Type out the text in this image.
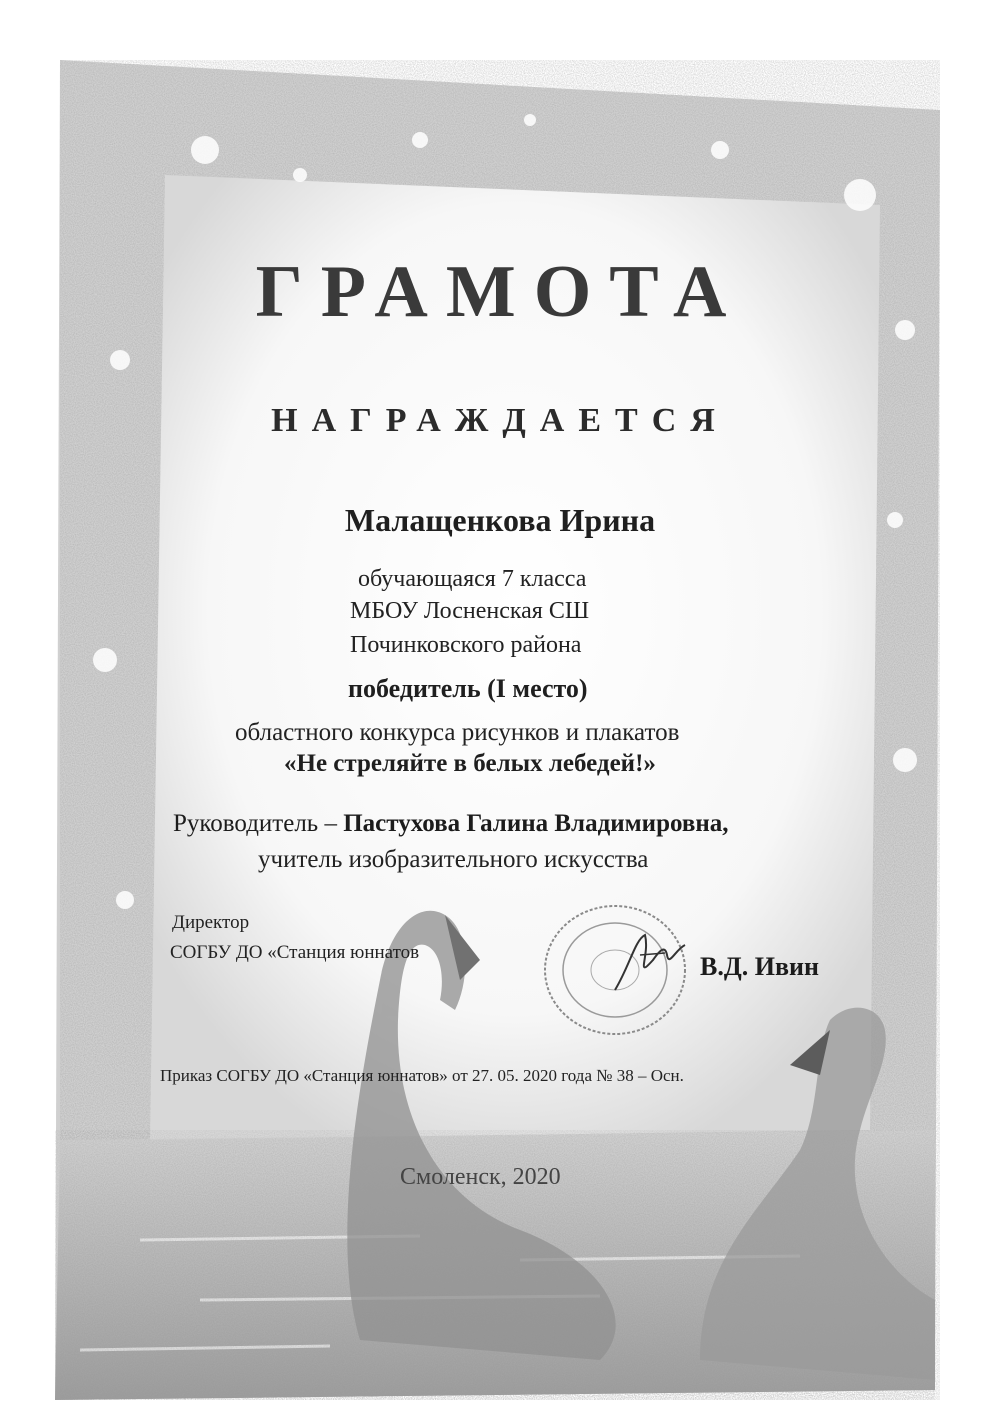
ГРАМОТА
НАГРАЖДАЕТСЯ
Малащенкова Ирина
обучающаяся 7 класса
МБОУ Лосненская СШ
Починковского района
победитель (I место)
областного конкурса рисунков и плакатов
«Не стреляйте в белых лебедей!»
Руководитель – Пастухова Галина Владимировна,
учитель изобразительного искусства
Директор
СОГБУ ДО «Станция юннатов	В.Д. Ивин
Приказ СОГБУ ДО «Станция юннатов» от 27. 05. 2020 года № 38 – Осн.
Смоленск, 2020
